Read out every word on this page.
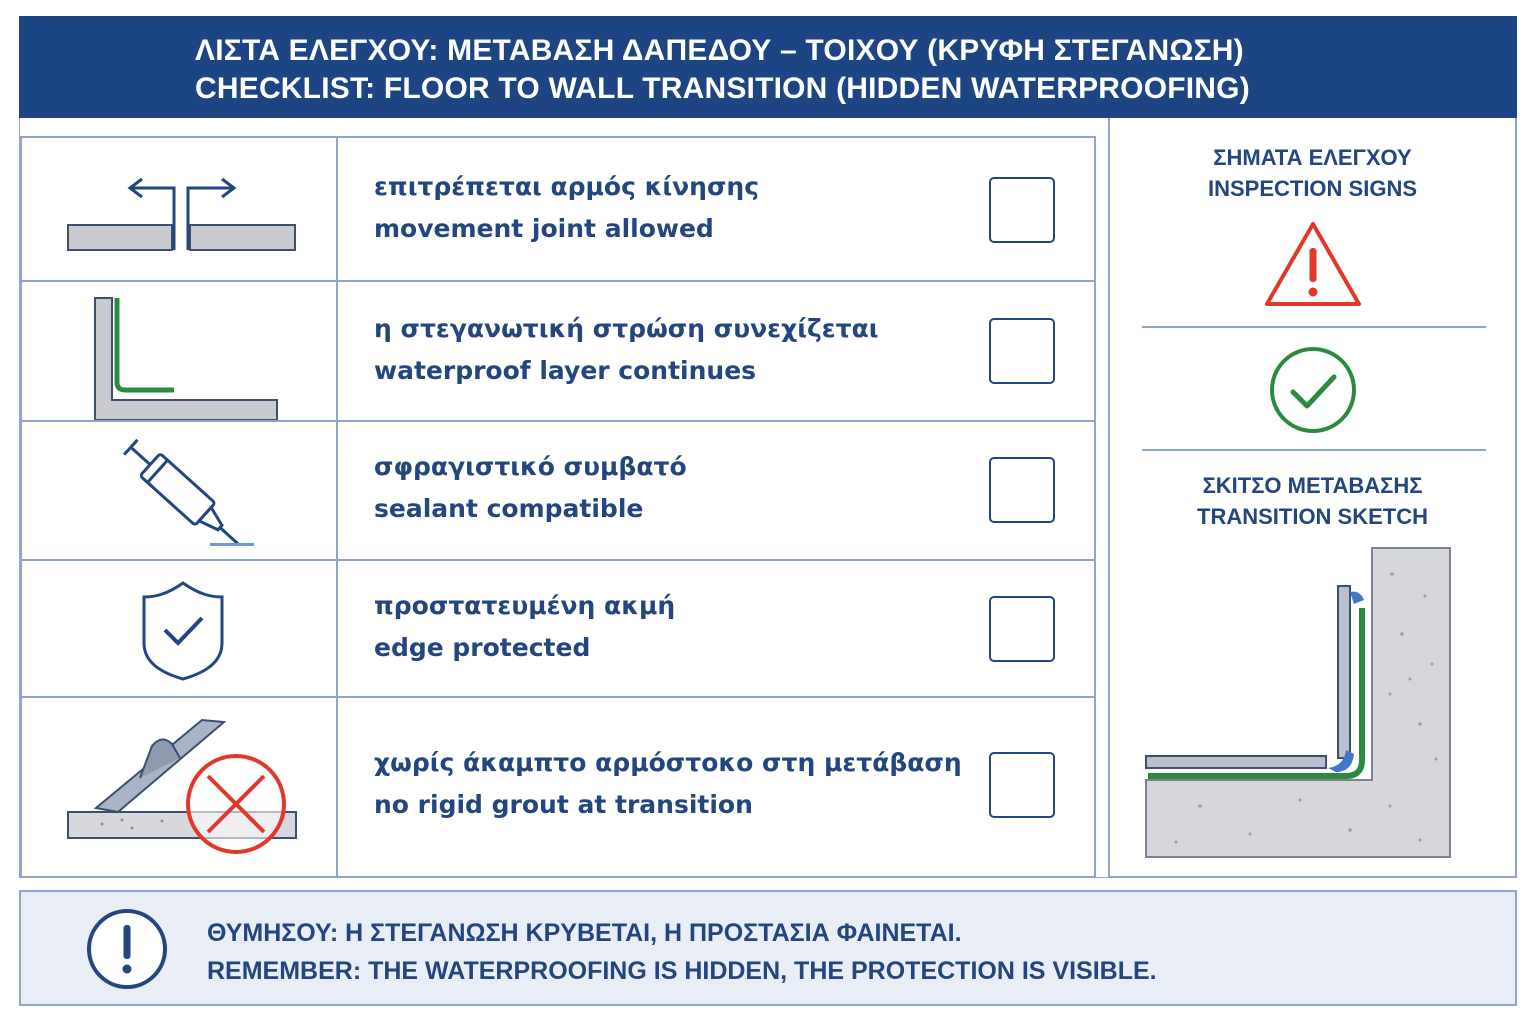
ΛΙΣΤΑ ΕΛΕΓΧΟΥ: ΜΕΤΑΒΑΣΗ ΔΑΠΕΔΟΥ – ΤΟΙΧΟΥ (ΚΡΥΦΗ ΣΤΕΓΑΝΩΣΗ)
CHECKLIST: FLOOR TO WALL TRANSITION (HIDDEN WATERPROOFING)
επιτρέπεται αρμός κίνησης
movement joint allowed
η στεγανωτική στρώση συνεχίζεται
waterproof layer continues
σφραγιστικό συμβατό
sealant compatible
προστατευμένη ακμή
edge protected
χωρίς άκαμπτο αρμόστοκο στη μετάβαση
no rigid grout at transition
ΣΗΜΑΤΑ ΕΛΕΓΧΟΥ
INSPECTION SIGNS
ΣΚΙΤΣΟ ΜΕΤΑΒΑΣΗΣ
TRANSITION SKETCH
ΘΥΜΗΣΟΥ: Η ΣΤΕΓΑΝΩΣΗ ΚΡΥΒΕΤΑΙ, Η ΠΡΟΣΤΑΣΙΑ ΦΑΙΝΕΤΑΙ.
REMEMBER: THE WATERPROOFING IS HIDDEN, THE PROTECTION IS VISIBLE.
